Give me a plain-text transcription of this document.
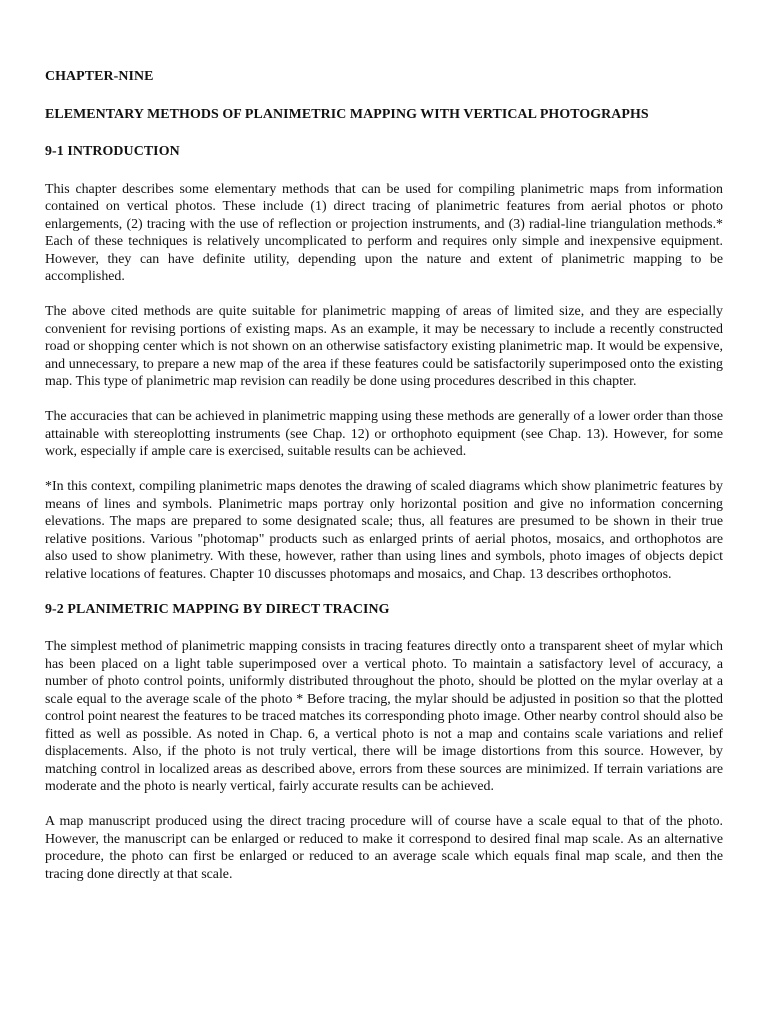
CHAPTER-NINE
ELEMENTARY METHODS OF PLANIMETRIC MAPPING WITH VERTICAL PHOTOGRAPHS
9-1 INTRODUCTION

This chapter describes some elementary methods that can be used for compiling planimetric maps from information contained on vertical photos. These include (1) direct tracing of planimetric features from aerial photos or photo enlargements, (2) tracing with the use of reflection or projection instruments, and (3) radial-line triangulation methods.* Each of these techniques is relatively uncomplicated to perform and requires only simple and inexpensive equipment. However, they can have definite utility, depending upon the nature and extent of planimetric mapping to be accomplished.

The above cited methods are quite suitable for planimetric mapping of areas of limited size, and they are especially convenient for revising portions of existing maps. As an example, it may be necessary to include a recently constructed road or shopping center which is not shown on an otherwise satisfactory existing planimetric map. It would be expensive, and unnecessary, to prepare a new map of the area if these features could be satisfactorily superimposed onto the existing map. This type of planimetric map revision can readily be done using procedures described in this chapter.

The accuracies that can be achieved in planimetric mapping using these methods are generally of a lower order than those attainable with stereoplotting instruments (see Chap. 12) or orthophoto equipment (see Chap. 13). However, for some work, especially if ample care is exercised, suitable results can be achieved.

*In this context, compiling planimetric maps denotes the drawing of scaled diagrams which show planimetric features by means of lines and symbols. Planimetric maps portray only horizontal position and give no information concerning elevations. The maps are prepared to some designated scale; thus, all features are presumed to be shown in their true relative positions. Various "photomap" products such as enlarged prints of aerial photos, mosaics, and orthophotos are also used to show planimetry. With these, however, rather than using lines and symbols, photo images of objects depict relative locations of features. Chapter 10 discusses photomaps and mosaics, and Chap. 13 describes orthophotos.

9-2 PLANIMETRIC MAPPING BY DIRECT TRACING

The simplest method of planimetric mapping consists in tracing features directly onto a transparent sheet of mylar which has been placed on a light table superimposed over a vertical photo. To maintain a satisfactory level of accuracy, a number of photo control points, uniformly distributed throughout the photo, should be plotted on the mylar overlay at a scale equal to the average scale of the photo * Before tracing, the mylar should be adjusted in position so that the plotted control point nearest the features to be traced matches its corresponding photo image. Other nearby control should also be fitted as well as possible. As noted in Chap. 6, a vertical photo is not a map and contains scale variations and relief displacements. Also, if the photo is not truly vertical, there will be image distortions from this source. However, by matching control in localized areas as described above, errors from these sources are minimized. If terrain variations are moderate and the photo is nearly vertical, fairly accurate results can be achieved.

A map manuscript produced using the direct tracing procedure will of course have a scale equal to that of the photo. However, the manuscript can be enlarged or reduced to make it correspond to desired final map scale. As an alternative procedure, the photo can first be enlarged or reduced to an average scale which equals final map scale, and then the tracing done directly at that scale.
